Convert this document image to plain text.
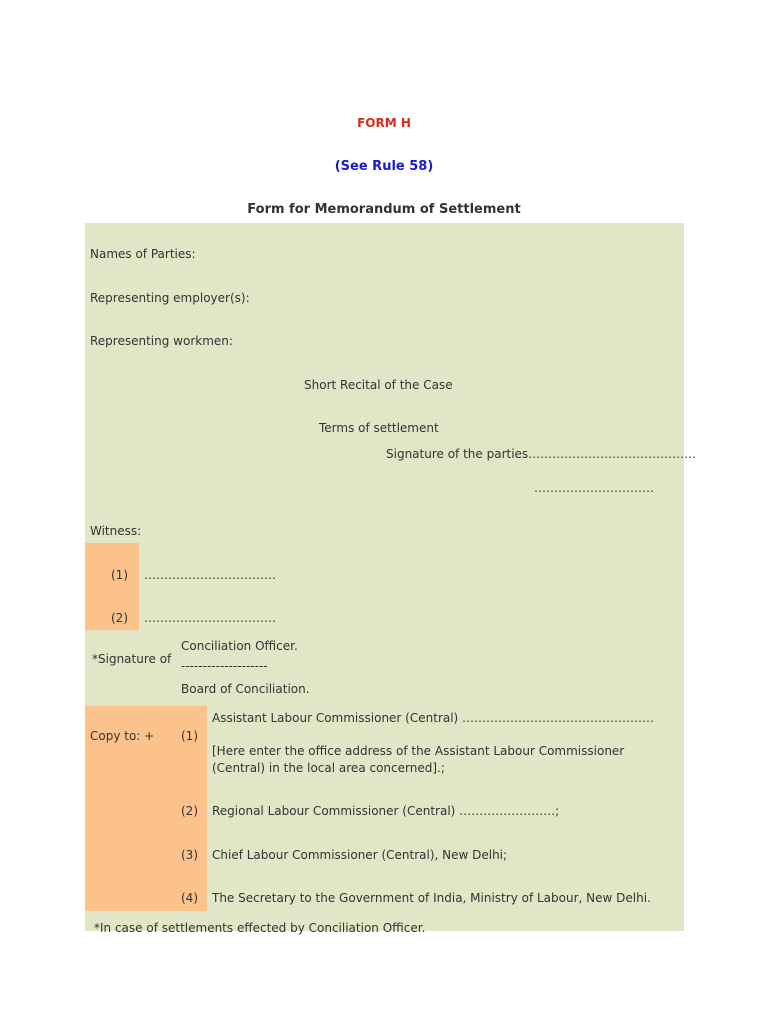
FORM H
(See Rule 58)
Form for Memorandum of Settlement
Names of Parties:
Representing employer(s):
Representing workmen:
Short Recital of the Case
Terms of settlement
Signature of the parties……………………………………
…………………………
Witness:
(1) ……………………………
(2) ……………………………
*Signature of
Conciliation Officer.
--------------------
Board of Conciliation.
Copy to: + (1)
Assistant Labour Commissioner (Central) …………………………………………
[Here enter the office address of the Assistant Labour Commissioner (Central) in the local area concerned].;
(2) Regional Labour Commissioner (Central) ……………………;
(3) Chief Labour Commissioner (Central), New Delhi;
(4) The Secretary to the Government of India, Ministry of Labour, New Delhi.
*In case of settlements effected by Conciliation Officer.
